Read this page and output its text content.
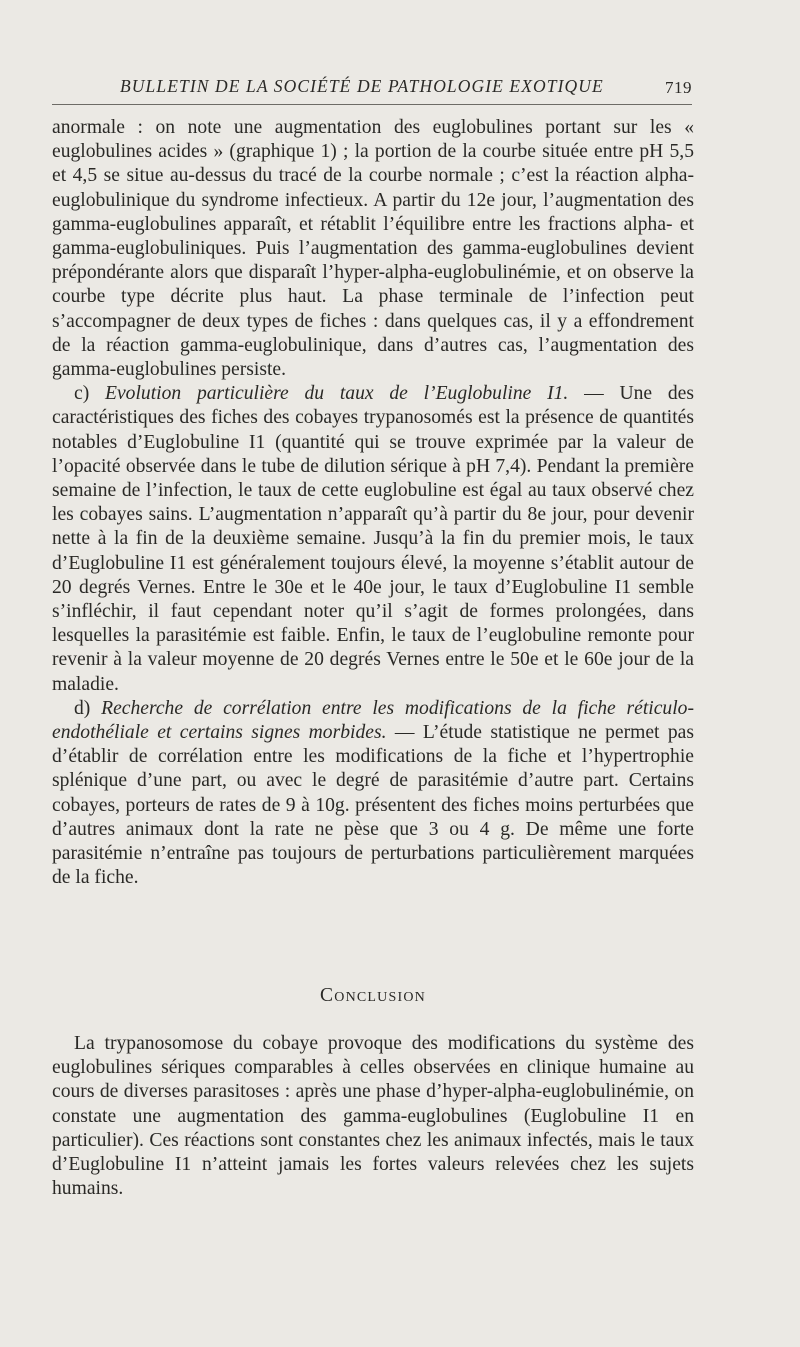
BULLETIN DE LA SOCIÉTÉ DE PATHOLOGIE EXOTIQUE	719

anormale : on note une augmentation des euglobulines portant sur les « euglobulines acides » (graphique 1) ; la portion de la courbe située entre pH 5,5 et 4,5 se situe au-dessus du tracé de la courbe normale ; c’est la réaction alpha-euglobulinique du syndrome infectieux. A partir du 12e jour, l’augmentation des gamma-euglobulines apparaît, et rétablit l’équilibre entre les fractions alpha- et gamma-euglobuliniques. Puis l’augmentation des gamma-euglobulines devient prépondérante alors que disparaît l’hyper-alpha-euglobulinémie, et on observe la courbe type décrite plus haut. La phase terminale de l’infection peut s’accompagner de deux types de fiches : dans quelques cas, il y a effondrement de la réaction gamma-euglobulinique, dans d’autres cas, l’augmentation des gamma-euglobulines persiste.

c) Evolution particulière du taux de l’Euglobuline I1. — Une des caractéristiques des fiches des cobayes trypanosomés est la présence de quantités notables d’Euglobuline I1 (quantité qui se trouve exprimée par la valeur de l’opacité observée dans le tube de dilution sérique à pH 7,4). Pendant la première semaine de l’infection, le taux de cette euglobuline est égal au taux observé chez les cobayes sains. L’augmentation n’apparaît qu’à partir du 8e jour, pour devenir nette à la fin de la deuxième semaine. Jusqu’à la fin du premier mois, le taux d’Euglobuline I1 est généralement toujours élevé, la moyenne s’établit autour de 20 degrés Vernes. Entre le 30e et le 40e jour, le taux d’Euglobuline I1 semble s’infléchir, il faut cependant noter qu’il s’agit de formes prolongées, dans lesquelles la parasitémie est faible. Enfin, le taux de l’euglobuline remonte pour revenir à la valeur moyenne de 20 degrés Vernes entre le 50e et le 60e jour de la maladie.

d) Recherche de corrélation entre les modifications de la fiche réticulo-endothéliale et certains signes morbides. — L’étude statistique ne permet pas d’établir de corrélation entre les modifications de la fiche et l’hypertrophie splénique d’une part, ou avec le degré de parasitémie d’autre part. Certains cobayes, porteurs de rates de 9 à 10g. présentent des fiches moins perturbées que d’autres animaux dont la rate ne pèse que 3 ou 4 g. De même une forte parasitémie n’entraîne pas toujours de perturbations particulièrement marquées de la fiche.

Conclusion

La trypanosomose du cobaye provoque des modifications du système des euglobulines sériques comparables à celles observées en clinique humaine au cours de diverses parasitoses : après une phase d’hyper-alpha-euglobulinémie, on constate une augmentation des gamma-euglobulines (Euglobuline I1 en particulier). Ces réactions sont constantes chez les animaux infectés, mais le taux d’Euglobuline I1 n’atteint jamais les fortes valeurs relevées chez les sujets humains.
